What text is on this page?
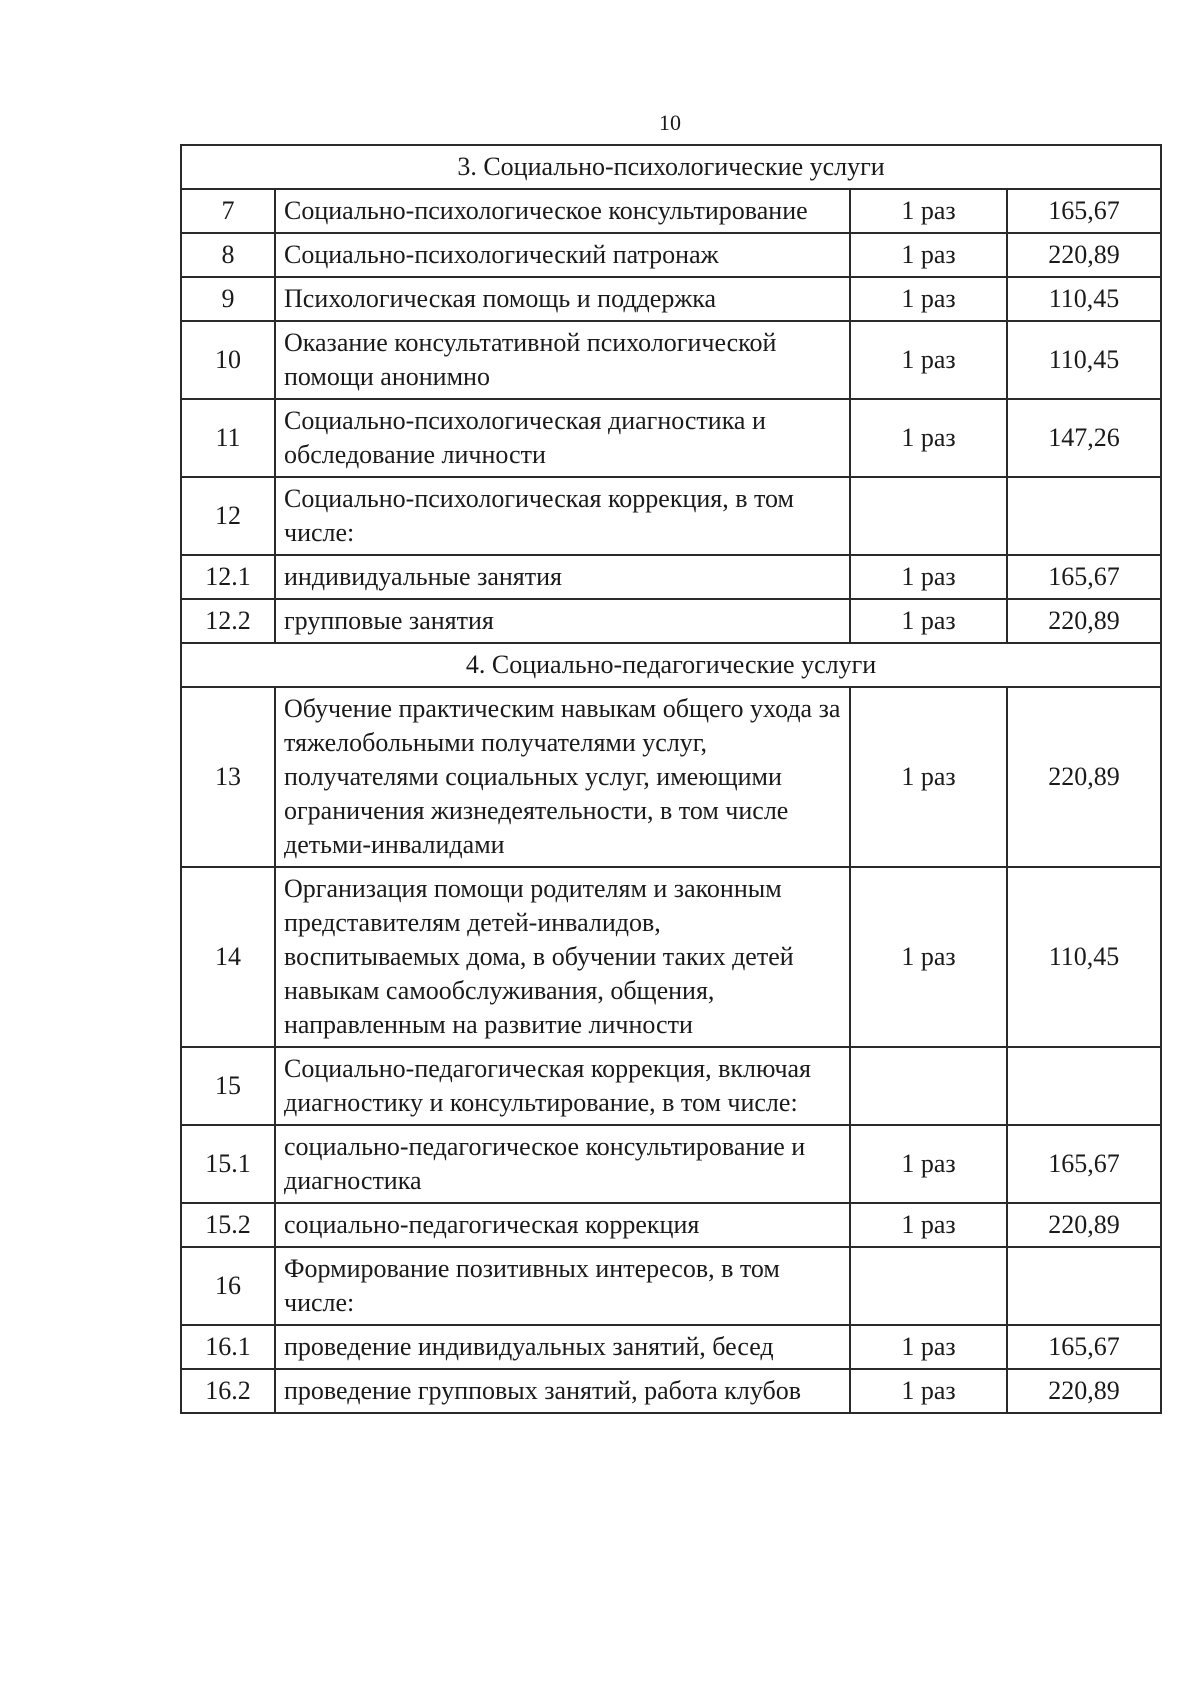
10
3. Социально-психологические услуги			
7	Социально-психологическое консультирование	1 раз	165,67
8	Социально-психологический патронаж	1 раз	220,89
9	Психологическая помощь и поддержка	1 раз	110,45
10	Оказание консультативной психологической помощи анонимно	1 раз	110,45
11	Социально-психологическая диагностика и обследование личности	1 раз	147,26
12	Социально-психологическая коррекция, в том числе:		
12.1	индивидуальные занятия	1 раз	165,67
12.2	групповые занятия	1 раз	220,89
4. Социально-педагогические услуги			
13	Обучение практическим навыкам общего ухода за тяжелобольными получателями услуг, получателями социальных услуг, имеющими ограничения жизнедеятельности, в том числе детьми-инвалидами	1 раз	220,89
14	Организация помощи родителям и законным представителям детей-инвалидов, воспитываемых дома, в обучении таких детей навыкам самообслуживания, общения, направленным на развитие личности	1 раз	110,45
15	Социально-педагогическая коррекция, включая диагностику и консультирование, в том числе:		
15.1	социально-педагогическое консультирование и диагностика	1 раз	165,67
15.2	социально-педагогическая коррекция	1 раз	220,89
16	Формирование позитивных интересов, в том числе:		
16.1	проведение индивидуальных занятий, бесед	1 раз	165,67
16.2	проведение групповых занятий, работа клубов	1 раз	220,89
